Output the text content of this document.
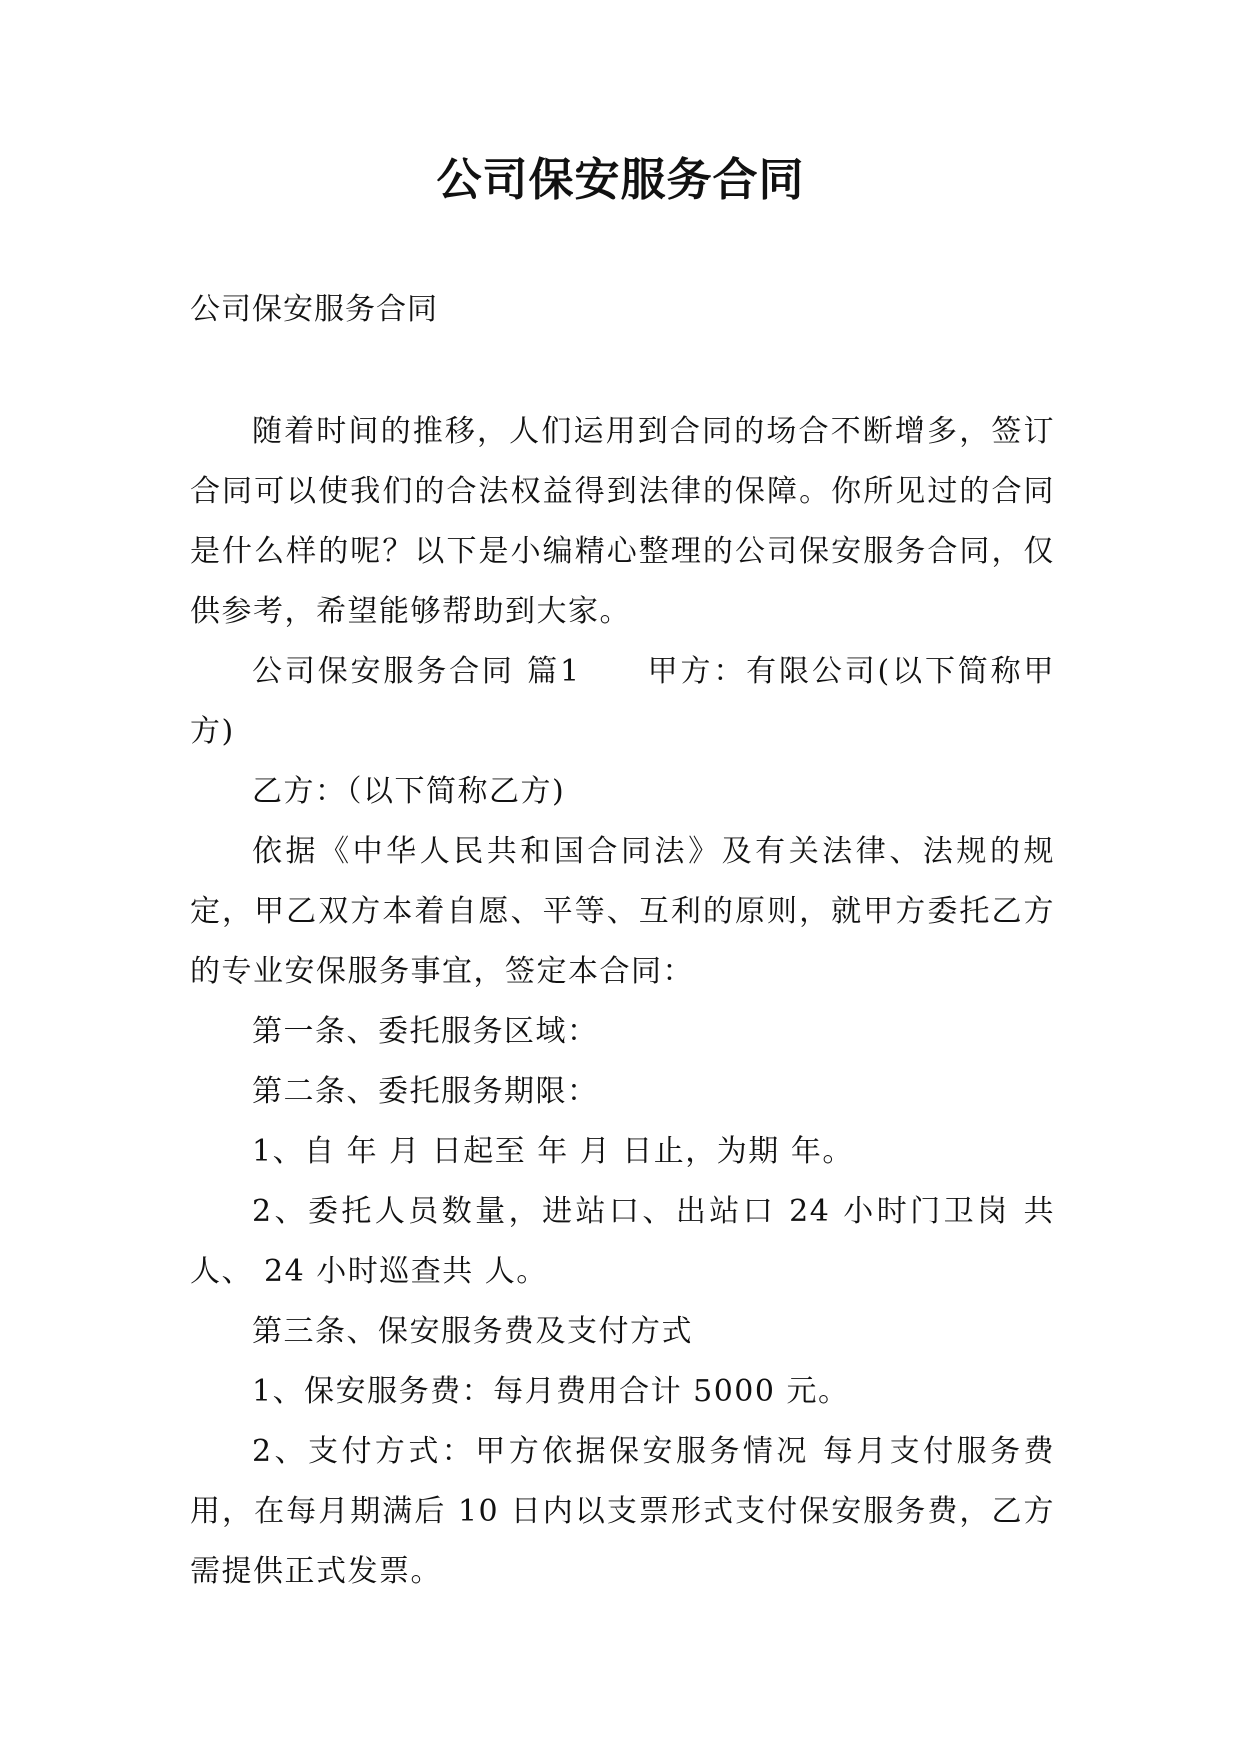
公司保安服务合同
公司保安服务合同

随着时间的推移，人们运用到合同的场合不断增多，签订合同可以使我们的合法权益得到法律的保障。你所见过的合同是什么样的呢？以下是小编精心整理的公司保安服务合同，仅供参考，希望能够帮助到大家。

公司保安服务合同 篇1　　甲方：有限公司(以下简称甲方)

乙方：（以下简称乙方)

依据《中华人民共和国合同法》及有关法律、法规的规定，甲乙双方本着自愿、平等、互利的原则，就甲方委托乙方的专业安保服务事宜，签定本合同：

第一条、委托服务区域：

第二条、委托服务期限：

1、自 年 月 日起至 年 月 日止，为期 年。

2、委托人员数量，进站口、出站口 24 小时门卫岗 共 人、 24 小时巡查共 人。

第三条、保安服务费及支付方式

1、保安服务费：每月费用合计 5000 元。

2、支付方式：甲方依据保安服务情况 每月支付服务费用，在每月期满后 10 日内以支票形式支付保安服务费，乙方需提供正式发票。
